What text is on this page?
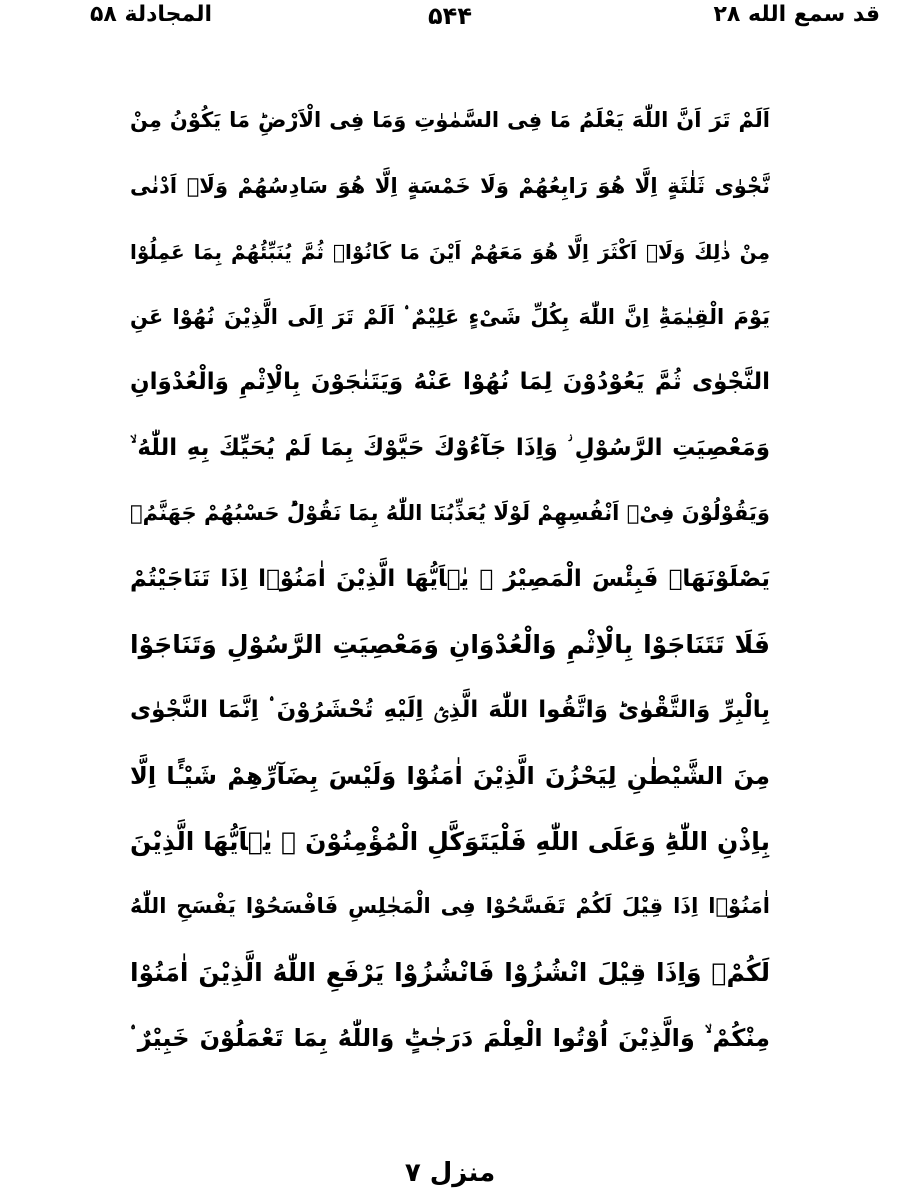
قد سمع الله ۲۸
۵۴۴
المجادلة ۵۸
اَلَمْ تَرَ اَنَّ اللّٰهَ یَعْلَمُ مَا فِی السَّمٰوٰتِ وَمَا فِی الْاَرْضِؕ مَا یَكُوْنُ مِنْ
نَّجْوٰى ثَلٰثَةٍ اِلَّا هُوَ رَابِعُهُمْ وَلَا خَمْسَةٍ اِلَّا هُوَ سَادِسُهُمْ وَلَاۤ اَدْنٰى
مِنْ ذٰلِكَ وَلَاۤ اَكْثَرَ اِلَّا هُوَ مَعَهُمْ اَیْنَ مَا كَانُوْاۚ ثُمَّ یُنَبِّئُهُمْ بِمَا عَمِلُوْا
یَوْمَ الْقِیٰمَةِؕ اِنَّ اللّٰهَ بِكُلِّ شَیْءٍ عَلِیْمٌ ۟ اَلَمْ تَرَ اِلَى الَّذِیْنَ نُهُوْا عَنِ
النَّجْوٰى ثُمَّ یَعُوْدُوْنَ لِمَا نُهُوْا عَنْهُ وَیَتَنٰجَوْنَ بِالْاِثْمِ وَالْعُدْوَانِ
وَمَعْصِیَتِ الرَّسُوْلِ ؗ وَاِذَا جَآءُوْكَ حَیَّوْكَ بِمَا لَمْ یُحَیِّكَ بِهِ اللّٰهُ ۙ
وَیَقُوْلُوْنَ فِیْۤ اَنْفُسِهِمْ لَوْلَا یُعَذِّبُنَا اللّٰهُ بِمَا نَقُوْلُؕ حَسْبُهُمْ جَهَنَّمُۚ
یَصْلَوْنَهَاۚ فَبِئْسَ الْمَصِیْرُ ۟ یٰۤاَیُّهَا الَّذِیْنَ اٰمَنُوْۤا اِذَا تَنَاجَیْتُمْ
فَلَا تَتَنَاجَوْا بِالْاِثْمِ وَالْعُدْوَانِ وَمَعْصِیَتِ الرَّسُوْلِ وَتَنَاجَوْا
بِالْبِرِّ وَالتَّقْوٰىؕ وَاتَّقُوا اللّٰهَ الَّذِیْۤ اِلَیْهِ تُحْشَرُوْنَ ۟ اِنَّمَا النَّجْوٰى
مِنَ الشَّیْطٰنِ لِیَحْزُنَ الَّذِیْنَ اٰمَنُوْا وَلَیْسَ بِضَآرِّهِمْ شَیْـًٔا اِلَّا
بِاِذْنِ اللّٰهِؕ وَعَلَى اللّٰهِ فَلْیَتَوَكَّلِ الْمُؤْمِنُوْنَ ۟ یٰۤاَیُّهَا الَّذِیْنَ
اٰمَنُوْۤا اِذَا قِیْلَ لَكُمْ تَفَسَّحُوْا فِی الْمَجٰلِسِ فَافْسَحُوْا یَفْسَحِ اللّٰهُ
لَكُمْۚ وَاِذَا قِیْلَ انْشُزُوْا فَانْشُزُوْا یَرْفَعِ اللّٰهُ الَّذِیْنَ اٰمَنُوْا
مِنْكُمْ ۙ وَالَّذِیْنَ اُوْتُوا الْعِلْمَ دَرَجٰتٍؕ وَاللّٰهُ بِمَا تَعْمَلُوْنَ خَبِیْرٌ ۟
منزل ۷
